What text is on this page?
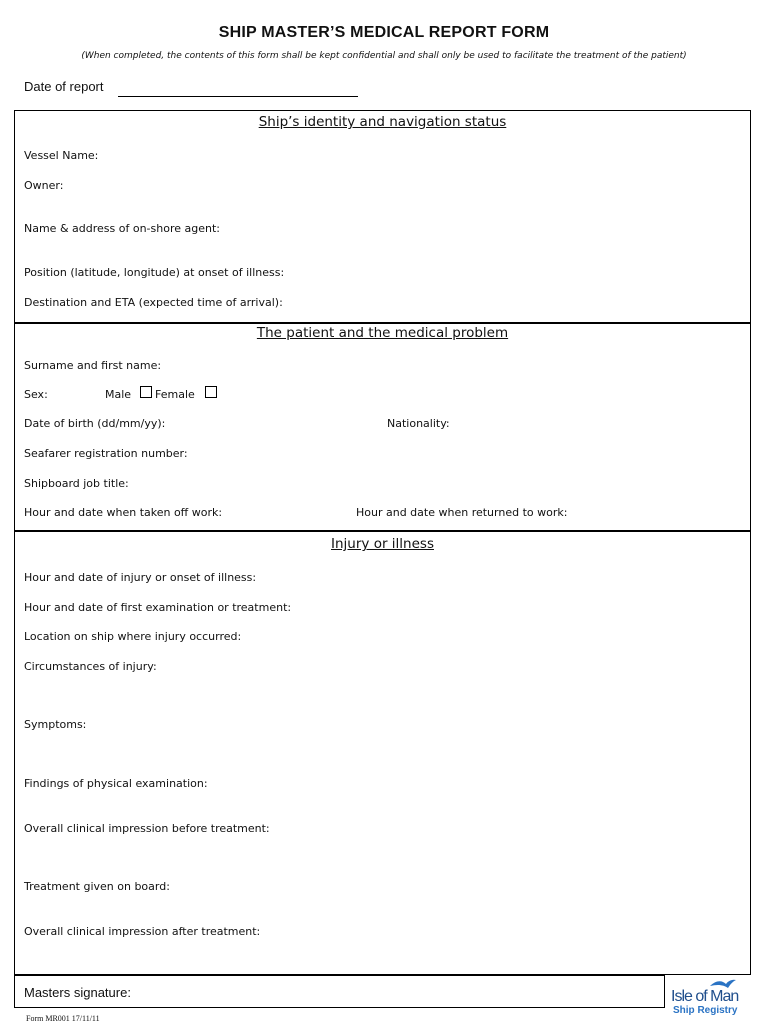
SHIP MASTER’S MEDICAL REPORT FORM
(When completed, the contents of this form shall be kept confidential and shall only be used to facilitate the treatment of the patient)
Date of report
Ship’s identity and navigation status
Vessel Name:
Owner:
Name & address of on-shore agent:
Position (latitude, longitude) at onset of illness:
Destination and ETA (expected time of arrival):
The patient and the medical problem
Surname and first name:
Sex:	Male Female
Date of birth (dd/mm/yy):	Nationality:
Seafarer registration number:
Shipboard job title:
Hour and date when taken off work:	Hour and date when returned to work:
Injury or illness
Hour and date of injury or onset of illness:
Hour and date of first examination or treatment:
Location on ship where injury occurred:
Circumstances of injury:
Symptoms:
Findings of physical examination:
Overall clinical impression before treatment:
Treatment given on board:
Overall clinical impression after treatment:
Masters signature:
Form MR001 17/11/11
Isle of Man
Ship Registry
